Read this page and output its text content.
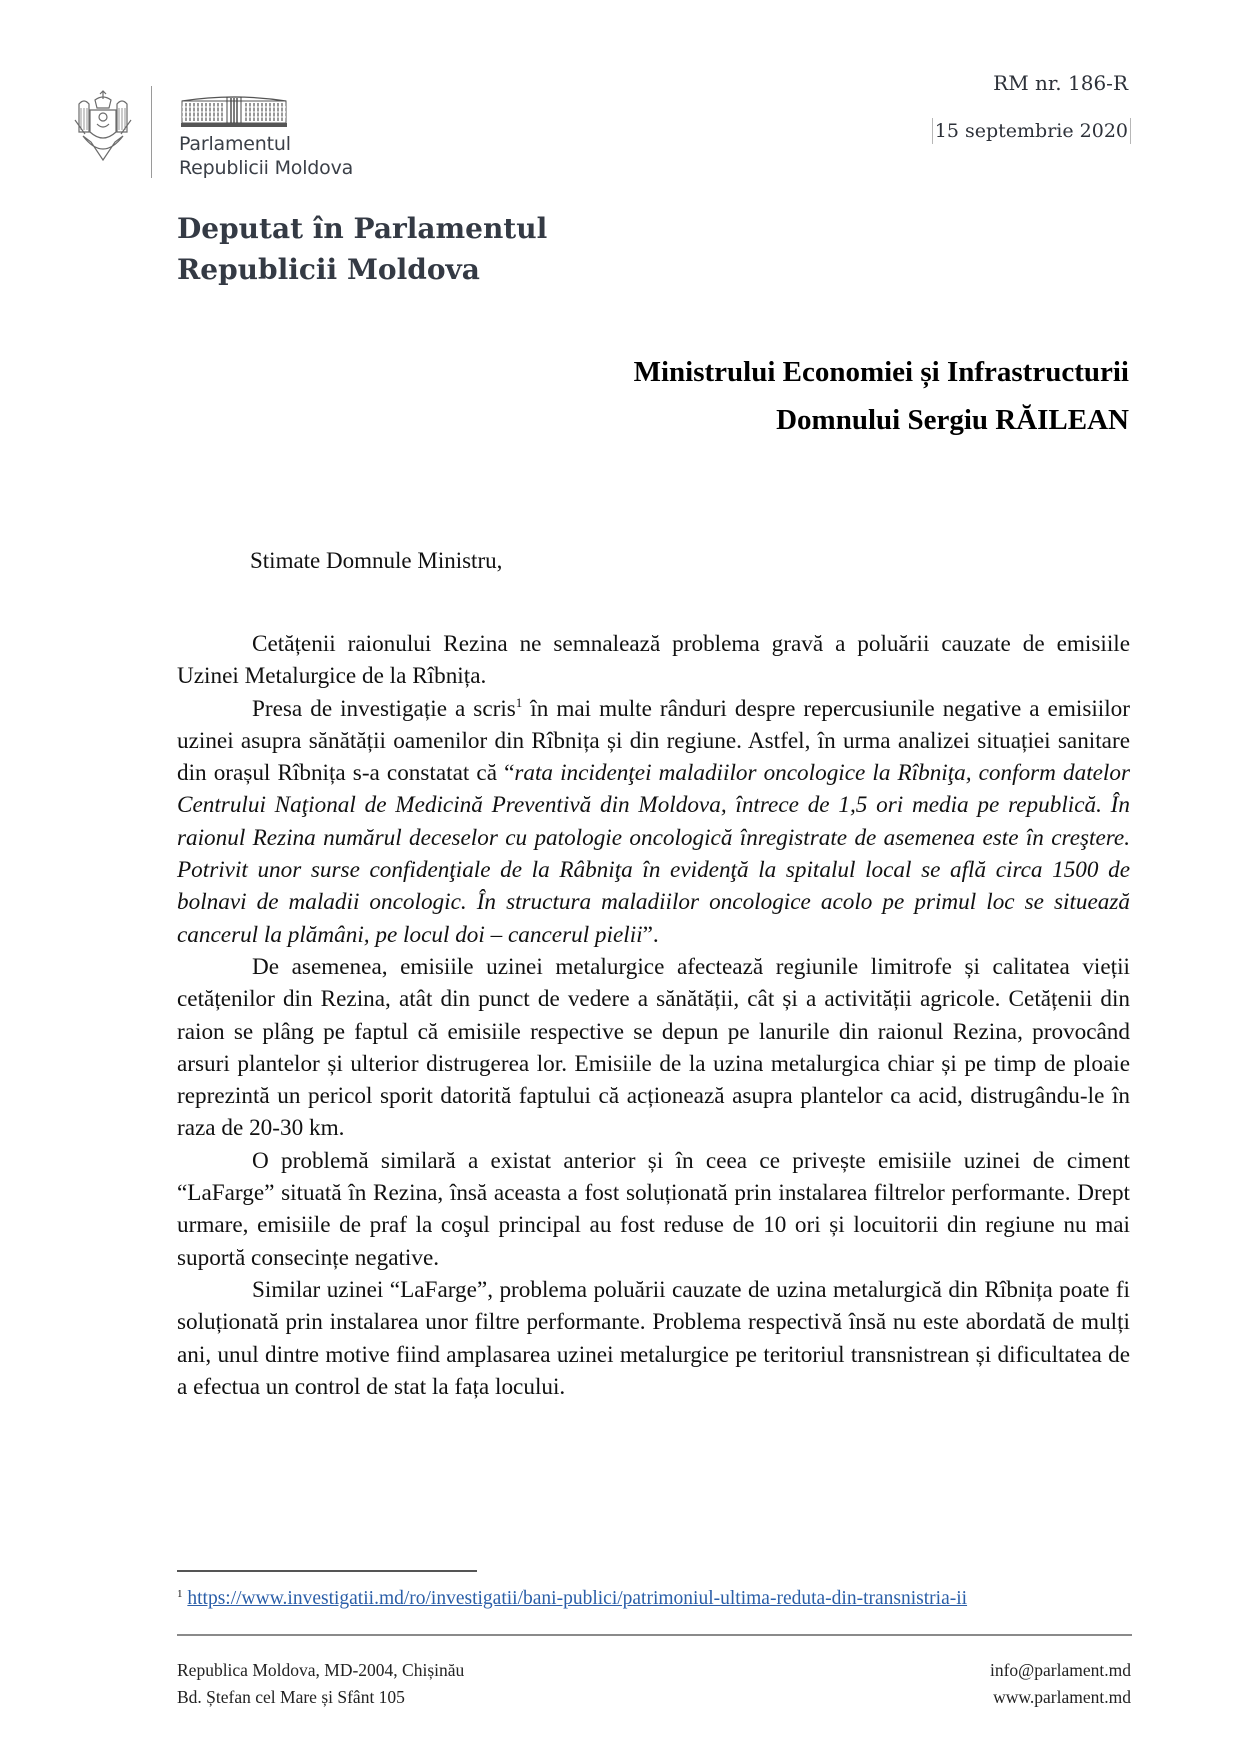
Parlamentul
Republicii Moldova
RM nr. 186-R
15 septembrie 2020
Deputat în Parlamentul
Republicii Moldova
Ministrului Economiei și Infrastructurii
Domnului Sergiu RĂILEAN
Stimate Domnule Ministru,

Cetățenii raionului Rezina ne semnalează problema gravă a poluării cauzate de emisiile Uzinei Metalurgice de la Rîbnița.

Presa de investigație a scris$^1$ în mai multe rânduri despre repercusiunile negative a emisiilor uzinei asupra sănătății oamenilor din Rîbnița și din regiune. Astfel, în urma analizei situației sanitare din orașul Rîbnița s-a constatat că “rata incidenţei maladiilor oncologice la Rîbniţa, conform datelor Centrului Naţional de Medicină Preventivă din Moldova, întrece de 1,5 ori media pe republică. În raionul Rezina numărul deceselor cu patologie oncologică înregistrate de asemenea este în creştere. Potrivit unor surse confidenţiale de la Râbniţa în evidenţă la spitalul local se află circa 1500 de bolnavi de maladii oncologic. În structura maladiilor oncologice acolo pe primul loc se situează cancerul la plămâni, pe locul doi – cancerul pielii”.

De asemenea, emisiile uzinei metalurgice afectează regiunile limitrofe și calitatea vieții cetățenilor din Rezina, atât din punct de vedere a sănătății, cât și a activității agricole. Cetățenii din raion se plâng pe faptul că emisiile respective se depun pe lanurile din raionul Rezina, provocând arsuri plantelor și ulterior distrugerea lor. Emisiile de la uzina metalurgica chiar și pe timp de ploaie reprezintă un pericol sporit datorită faptului că acționează asupra plantelor ca acid, distrugându-le în raza de 20-30 km.

O problemă similară a existat anterior și în ceea ce privește emisiile uzinei de ciment “LaFarge” situată în Rezina, însă aceasta a fost soluționată prin instalarea filtrelor performante. Drept urmare, emisiile de praf la coşul principal au fost reduse de 10 ori și locuitorii din regiune nu mai suportă consecințe negative.

Similar uzinei “LaFarge”, problema poluării cauzate de uzina metalurgică din Rîbnița poate fi soluționată prin instalarea unor filtre performante. Problema respectivă însă nu este abordată de mulți ani, unul dintre motive fiind amplasarea uzinei metalurgice pe teritoriul transnistrean și dificultatea de a efectua un control de stat la fața locului.

$^1$ https://www.investigatii.md/ro/investigatii/bani-publici/patrimoniul-ultima-reduta-din-transnistria-ii
Republica Moldova, MD-2004, Chișinău
Bd. Ștefan cel Mare și Sfânt 105
info@parlament.md
www.parlament.md
